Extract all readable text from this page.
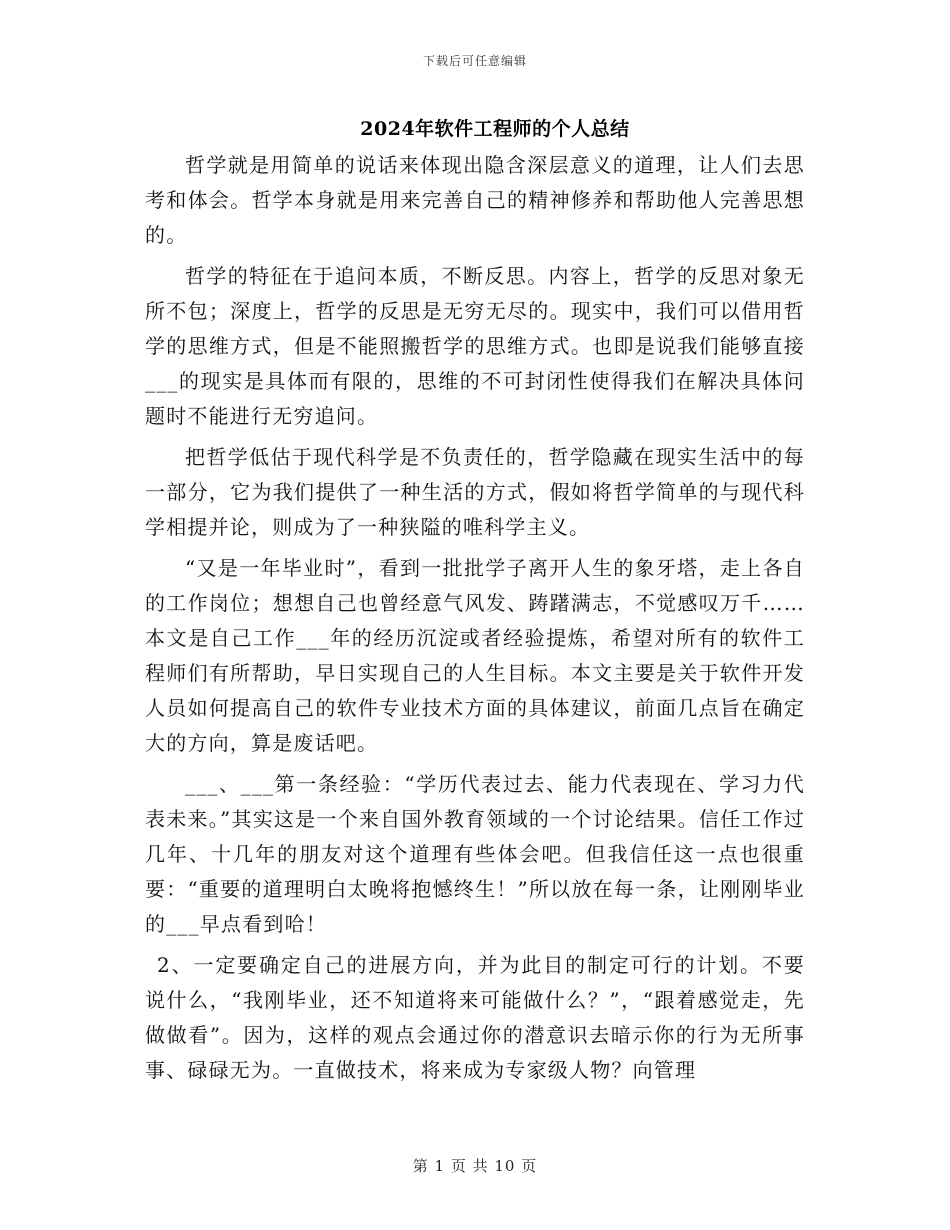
下载后可任意编辑
2024年软件工程师的个人总结

哲学就是用简单的说话来体现出隐含深层意义的道理，让人们去思考和体会。哲学本身就是用来完善自己的精神修养和帮助他人完善思想的。

哲学的特征在于追问本质，不断反思。内容上，哲学的反思对象无所不包；深度上，哲学的反思是无穷无尽的。现实中，我们可以借用哲学的思维方式，但是不能照搬哲学的思维方式。也即是说我们能够直接___的现实是具体而有限的，思维的不可封闭性使得我们在解决具体问题时不能进行无穷追问。

把哲学低估于现代科学是不负责任的，哲学隐藏在现实生活中的每一部分，它为我们提供了一种生活的方式，假如将哲学简单的与现代科学相提并论，则成为了一种狭隘的唯科学主义。

“又是一年毕业时”，看到一批批学子离开人生的象牙塔，走上各自的工作岗位；想想自己也曾经意气风发、踌躇满志，不觉感叹万千……本文是自己工作___年的经历沉淀或者经验提炼，希望对所有的软件工程师们有所帮助，早日实现自己的人生目标。本文主要是关于软件开发人员如何提高自己的软件专业技术方面的具体建议，前面几点旨在确定大的方向，算是废话吧。

___、___第一条经验：“学历代表过去、能力代表现在、学习力代表未来。”其实这是一个来自国外教育领域的一个讨论结果。信任工作过几年、十几年的朋友对这个道理有些体会吧。但我信任这一点也很重要：“重要的道理明白太晚将抱憾终生！”所以放在每一条，让刚刚毕业的___早点看到哈！

2、一定要确定自己的进展方向，并为此目的制定可行的计划。不要说什么，“我刚毕业，还不知道将来可能做什么？”，“跟着感觉走，先做做看”。因为，这样的观点会通过你的潜意识去暗示你的行为无所事事、碌碌无为。一直做技术，将来成为专家级人物？向管理

第 1 页 共 10 页
